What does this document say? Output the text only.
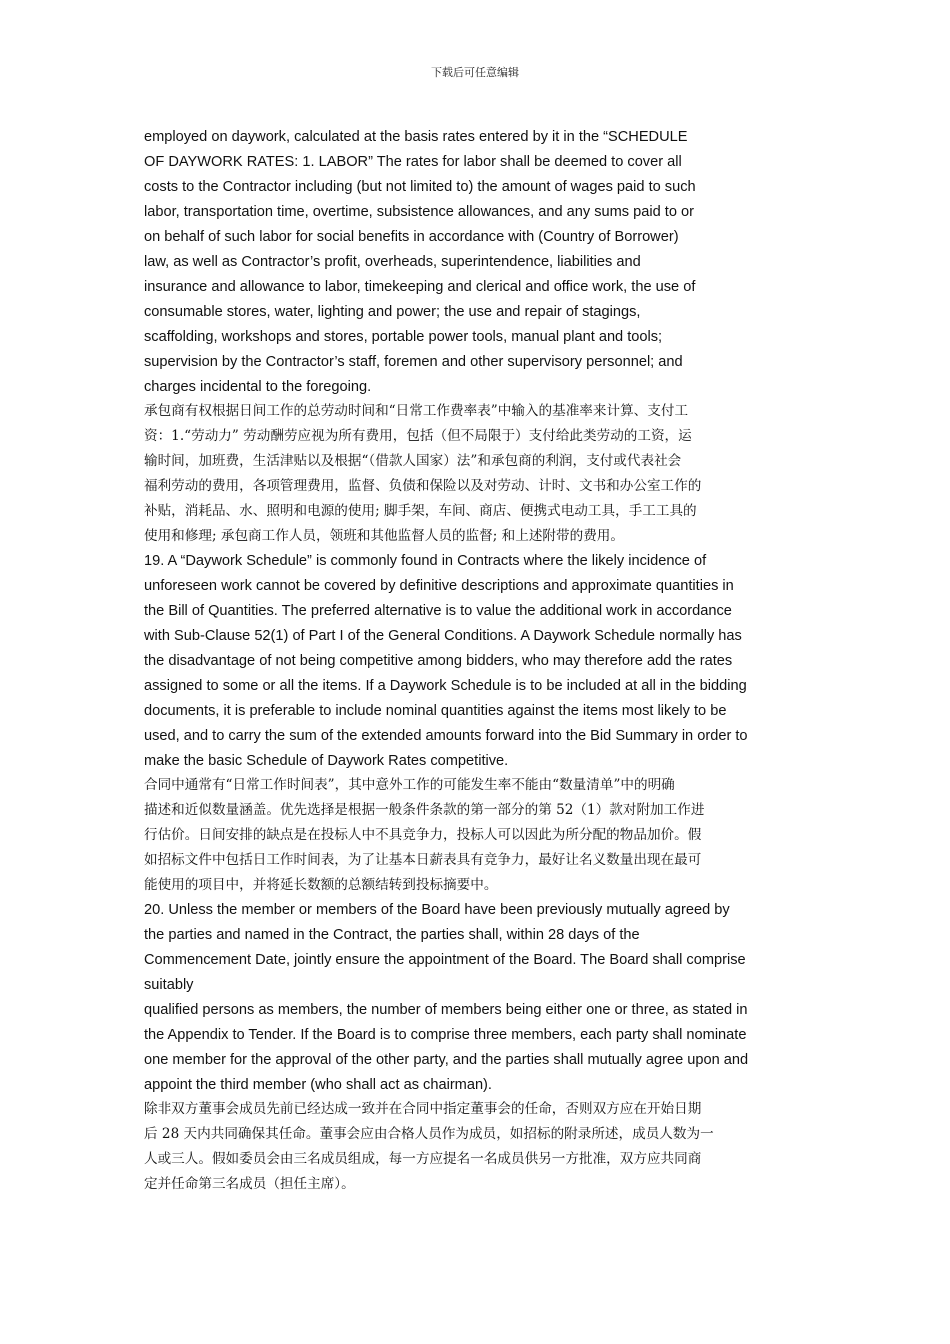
下载后可任意编辑
employed on daywork, calculated at the basis rates entered by it in the “SCHEDULE
OF DAYWORK RATES: 1. LABOR” The rates for labor shall be deemed to cover all
costs to the Contractor including (but not limited to) the amount of wages paid to such
labor, transportation time, overtime, subsistence allowances, and any sums paid to or
on behalf of such labor for social benefits in accordance with (Country of Borrower)
law, as well as Contractor’s profit, overheads, superintendence, liabilities and
insurance and allowance to labor, timekeeping and clerical and office work, the use of
consumable stores, water, lighting and power; the use and repair of stagings,
scaffolding, workshops and stores, portable power tools, manual plant and tools;
supervision by the Contractor’s staff, foremen and other supervisory personnel; and
charges incidental to the foregoing.
承包商有权根据日间工作的总劳动时间和“日常工作费率表”中输入的基准率来计算、支付工
资：1.“劳动力” 劳动酬劳应视为所有费用，包括（但不局限于）支付给此类劳动的工资，运
输时间，加班费，生活津贴以及根据“（借款人国家）法”和承包商的利润，支付或代表社会
福利劳动的费用，各项管理费用，监督、负债和保险以及对劳动、计时、文书和办公室工作的
补贴，消耗品、水、照明和电源的使用; 脚手架，车间、商店、便携式电动工具，手工工具的
使用和修理; 承包商工作人员，领班和其他监督人员的监督; 和上述附带的费用。
19. A “Daywork Schedule” is commonly found in Contracts where the likely incidence of
unforeseen work cannot be covered by definitive descriptions and approximate quantities in
the Bill of Quantities. The preferred alternative is to value the additional work in accordance
with Sub-Clause 52(1) of Part I of the General Conditions. A Daywork Schedule normally has
the disadvantage of not being competitive among bidders, who may therefore add the rates
assigned to some or all the items. If a Daywork Schedule is to be included at all in the bidding
documents, it is preferable to include nominal quantities against the items most likely to be
used, and to carry the sum of the extended amounts forward into the Bid Summary in order to
make the basic Schedule of Daywork Rates competitive.
合同中通常有“日常工作时间表”，其中意外工作的可能发生率不能由“数量清单”中的明确
描述和近似数量涵盖。优先选择是根据一般条件条款的第一部分的第 52（1）款对附加工作进
行估价。日间安排的缺点是在投标人中不具竞争力，投标人可以因此为所分配的物品加价。假
如招标文件中包括日工作时间表，为了让基本日薪表具有竞争力，最好让名义数量出现在最可
能使用的项目中，并将延长数额的总额结转到投标摘要中。
20. Unless the member or members of the Board have been previously mutually agreed by
the parties and named in the Contract, the parties shall, within 28 days of the
Commencement Date, jointly ensure the appointment of the Board. The Board shall comprise
suitably
qualified persons as members, the number of members being either one or three, as stated in
the Appendix to Tender. If the Board is to comprise three members, each party shall nominate
one member for the approval of the other party, and the parties shall mutually agree upon and
appoint the third member (who shall act as chairman).
除非双方董事会成员先前已经达成一致并在合同中指定董事会的任命，否则双方应在开始日期
后 28 天内共同确保其任命。董事会应由合格人员作为成员，如招标的附录所述，成员人数为一
人或三人。假如委员会由三名成员组成，每一方应提名一名成员供另一方批准，双方应共同商
定并任命第三名成员（担任主席）。
